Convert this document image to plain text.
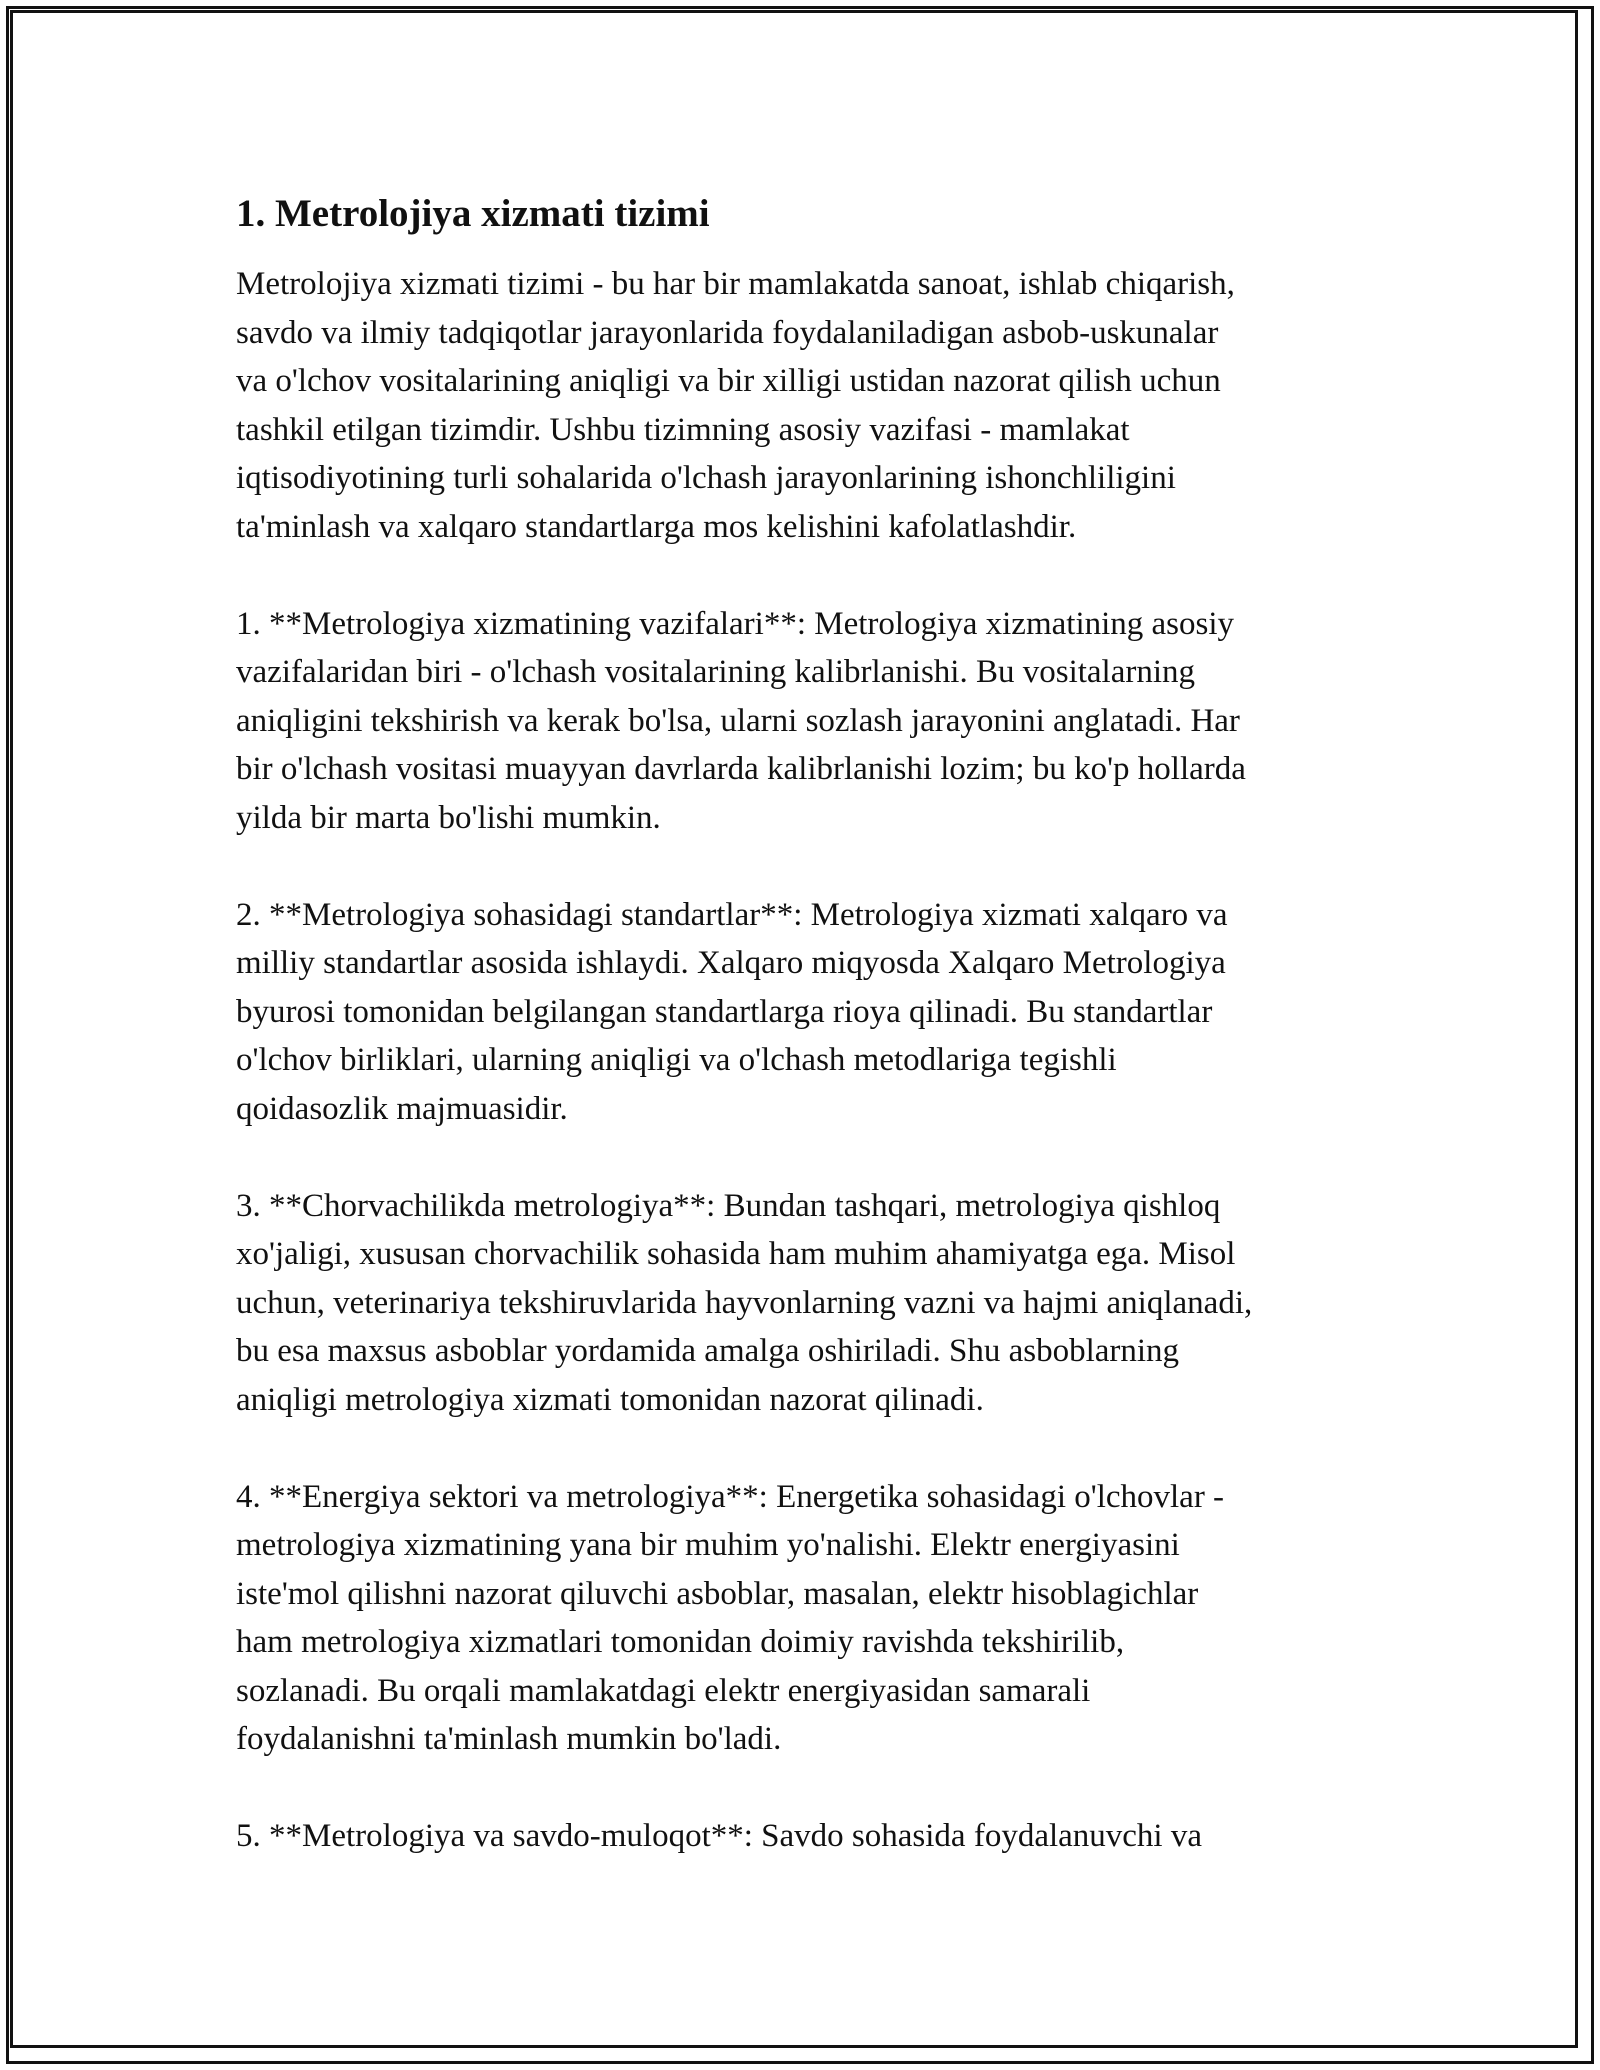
1. Metrolojiya xizmati tizimi

Metrolojiya xizmati tizimi - bu har bir mamlakatda sanoat, ishlab chiqarish,
savdo va ilmiy tadqiqotlar jarayonlarida foydalaniladigan asbob-uskunalar
va o'lchov vositalarining aniqligi va bir xilligi ustidan nazorat qilish uchun
tashkil etilgan tizimdir. Ushbu tizimning asosiy vazifasi - mamlakat
iqtisodiyotining turli sohalarida o'lchash jarayonlarining ishonchliligini
ta'minlash va xalqaro standartlarga mos kelishini kafolatlashdir.

1. **Metrologiya xizmatining vazifalari**: Metrologiya xizmatining asosiy
vazifalaridan biri - o'lchash vositalarining kalibrlanishi. Bu vositalarning
aniqligini tekshirish va kerak bo'lsa, ularni sozlash jarayonini anglatadi. Har
bir o'lchash vositasi muayyan davrlarda kalibrlanishi lozim; bu ko'p hollarda
yilda bir marta bo'lishi mumkin.

2. **Metrologiya sohasidagi standartlar**: Metrologiya xizmati xalqaro va
milliy standartlar asosida ishlaydi. Xalqaro miqyosda Xalqaro Metrologiya
byurosi tomonidan belgilangan standartlarga rioya qilinadi. Bu standartlar
o'lchov birliklari, ularning aniqligi va o'lchash metodlariga tegishli
qoidasozlik majmuasidir.

3. **Chorvachilikda metrologiya**: Bundan tashqari, metrologiya qishloq
xo'jaligi, xususan chorvachilik sohasida ham muhim ahamiyatga ega. Misol
uchun, veterinariya tekshiruvlarida hayvonlarning vazni va hajmi aniqlanadi,
bu esa maxsus asboblar yordamida amalga oshiriladi. Shu asboblarning
aniqligi metrologiya xizmati tomonidan nazorat qilinadi.

4. **Energiya sektori va metrologiya**: Energetika sohasidagi o'lchovlar -
metrologiya xizmatining yana bir muhim yo'nalishi. Elektr energiyasini
iste'mol qilishni nazorat qiluvchi asboblar, masalan, elektr hisoblagichlar
ham metrologiya xizmatlari tomonidan doimiy ravishda tekshirilib,
sozlanadi. Bu orqali mamlakatdagi elektr energiyasidan samarali
foydalanishni ta'minlash mumkin bo'ladi.

5. **Metrologiya va savdo-muloqot**: Savdo sohasida foydalanuvchi va
